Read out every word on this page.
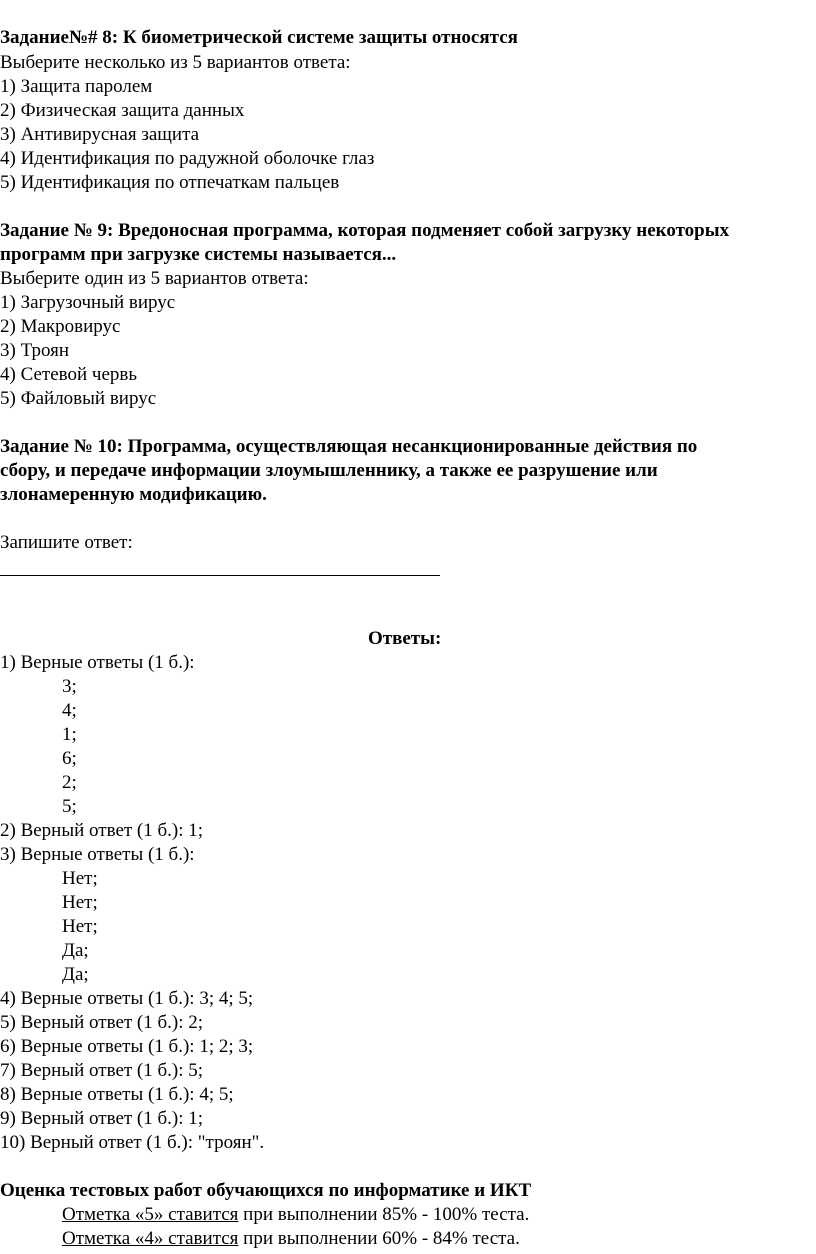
Задание№# 8: К биометрической системе защиты относятся
Выберите несколько из 5 вариантов ответа:
1) Защита паролем
2) Физическая защита данных
3) Антивирусная защита
4) Идентификация по радужной оболочке глаз
5) Идентификация по отпечаткам пальцев
Задание № 9: Вредоносная программа, которая подменяет собой загрузку некоторых
программ при загрузке системы называется...
Выберите один из 5 вариантов ответа:
1) Загрузочный вирус
2) Макровирус
3) Троян
4) Сетевой червь
5) Файловый вирус
Задание № 10: Программа, осуществляющая несанкционированные действия по
сбору, и передаче информации злоумышленнику, а также ее разрушение или
злонамеренную модификацию.
Запишите ответ:
Ответы:
1) Верные ответы (1 б.):
3;
4;
1;
6;
2;
5;
2) Верный ответ (1 б.): 1;
3) Верные ответы (1 б.):
Нет;
Нет;
Нет;
Да;
Да;
4) Верные ответы (1 б.): 3; 4; 5;
5) Верный ответ (1 б.): 2;
6) Верные ответы (1 б.): 1; 2; 3;
7) Верный ответ (1 б.): 5;
8) Верные ответы (1 б.): 4; 5;
9) Верный ответ (1 б.): 1;
10) Верный ответ (1 б.): "троян".
Оценка тестовых работ обучающихся по информатике и ИКТ
Отметка «5» ставится при выполнении 85% - 100% теста.
Отметка «4» ставится при выполнении 60% - 84% теста.
